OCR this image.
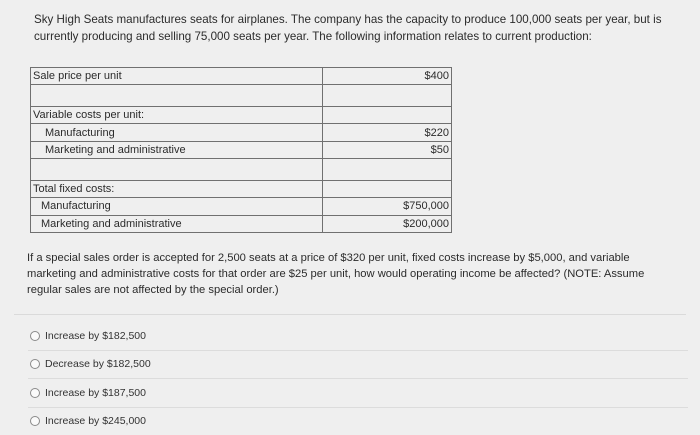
Sky High Seats manufactures seats for airplanes. The company has the capacity to produce 100,000 seats per year, but is currently producing and selling 75,000 seats per year. The following information relates to current production:
Sale price per unit	$400

Variable costs per unit:	
Manufacturing	$220
Marketing and administrative	$50

Total fixed costs:	
Manufacturing	$750,000
Marketing and administrative	$200,000
If a special sales order is accepted for 2,500 seats at a price of $320 per unit, fixed costs increase by $5,000, and variable marketing and administrative costs for that order are $25 per unit, how would operating income be affected? (NOTE: Assume regular sales are not affected by the special order.)
Increase by $182,500
Decrease by $182,500
Increase by $187,500
Increase by $245,000
